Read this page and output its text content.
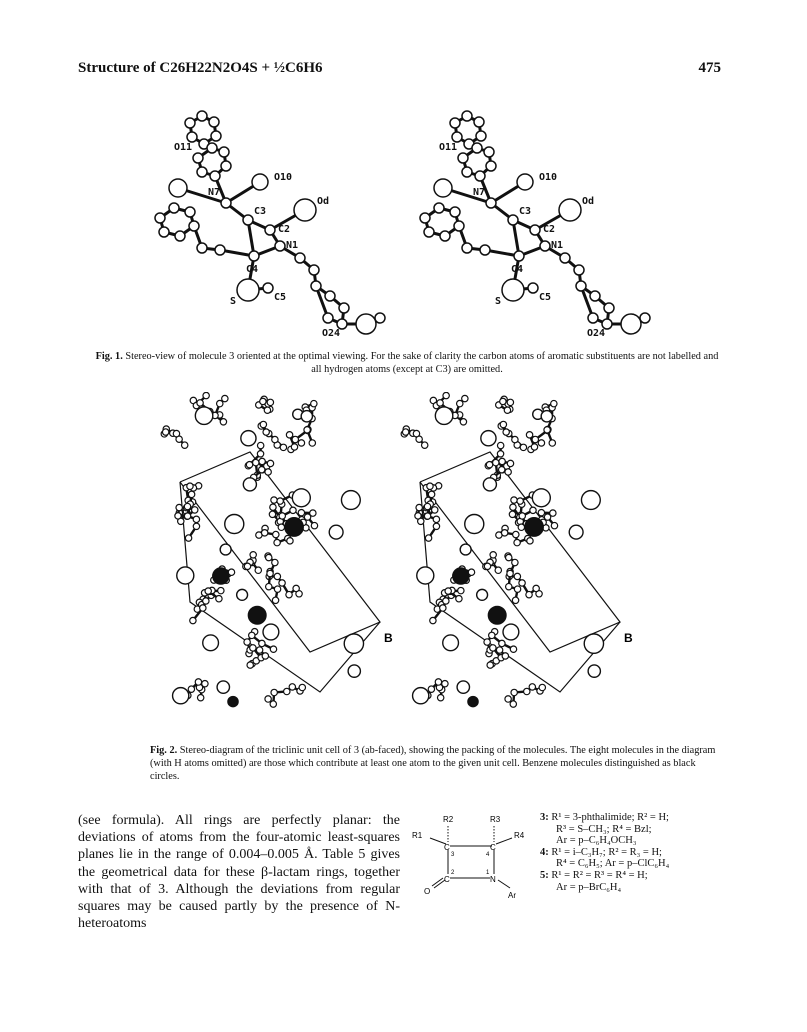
Structure of C26H22N2O4S + ½C6H6	475
O11
O10
Od
N7
C3
C2
N1
C4
S	C5
O24
O11
O10
Od
N7
C3
C2
N1
C4
S	C5
O24
Fig. 1. Stereo-view of molecule 3 oriented at the optimal viewing. For the sake of clarity the carbon atoms of aromatic substituents are not labelled and all hydrogen atoms (except at C3) are omitted.
B	B
Fig. 2. Stereo-diagram of the triclinic unit cell of 3 (ab-faced), showing the packing of the molecules. The eight molecules in the diagram (with H atoms omitted) are those which contribute at least one atom to the given unit cell. Benzene molecules distinguished as black circles.
(see formula). All rings are perfectly planar: the deviations of atoms from the four-atomic least-squares planes lie in the range of 0.004–0.005 Å. Table 5 gives the geometrical data for these β-lactam rings, together with that of 3. Although the deviations from regular squares may be caused partly by the presence of N-heteroatoms
R2	R3
R1	R4
C	C
3	4
2	1
C	N
O	Ar
3: R¹ = 3-phthalimide; R² = H;
R³ = S–CH₃; R⁴ = Bzl;
Ar = p–C₆H₄OCH₃
4: R¹ = i–C₃H₇; R² = R₃ = H;
R⁴ = C₆H₅; Ar = p–ClC₆H₄
5: R¹ = R² = R³ = R⁴ = H;
Ar = p–BrC₆H₄
